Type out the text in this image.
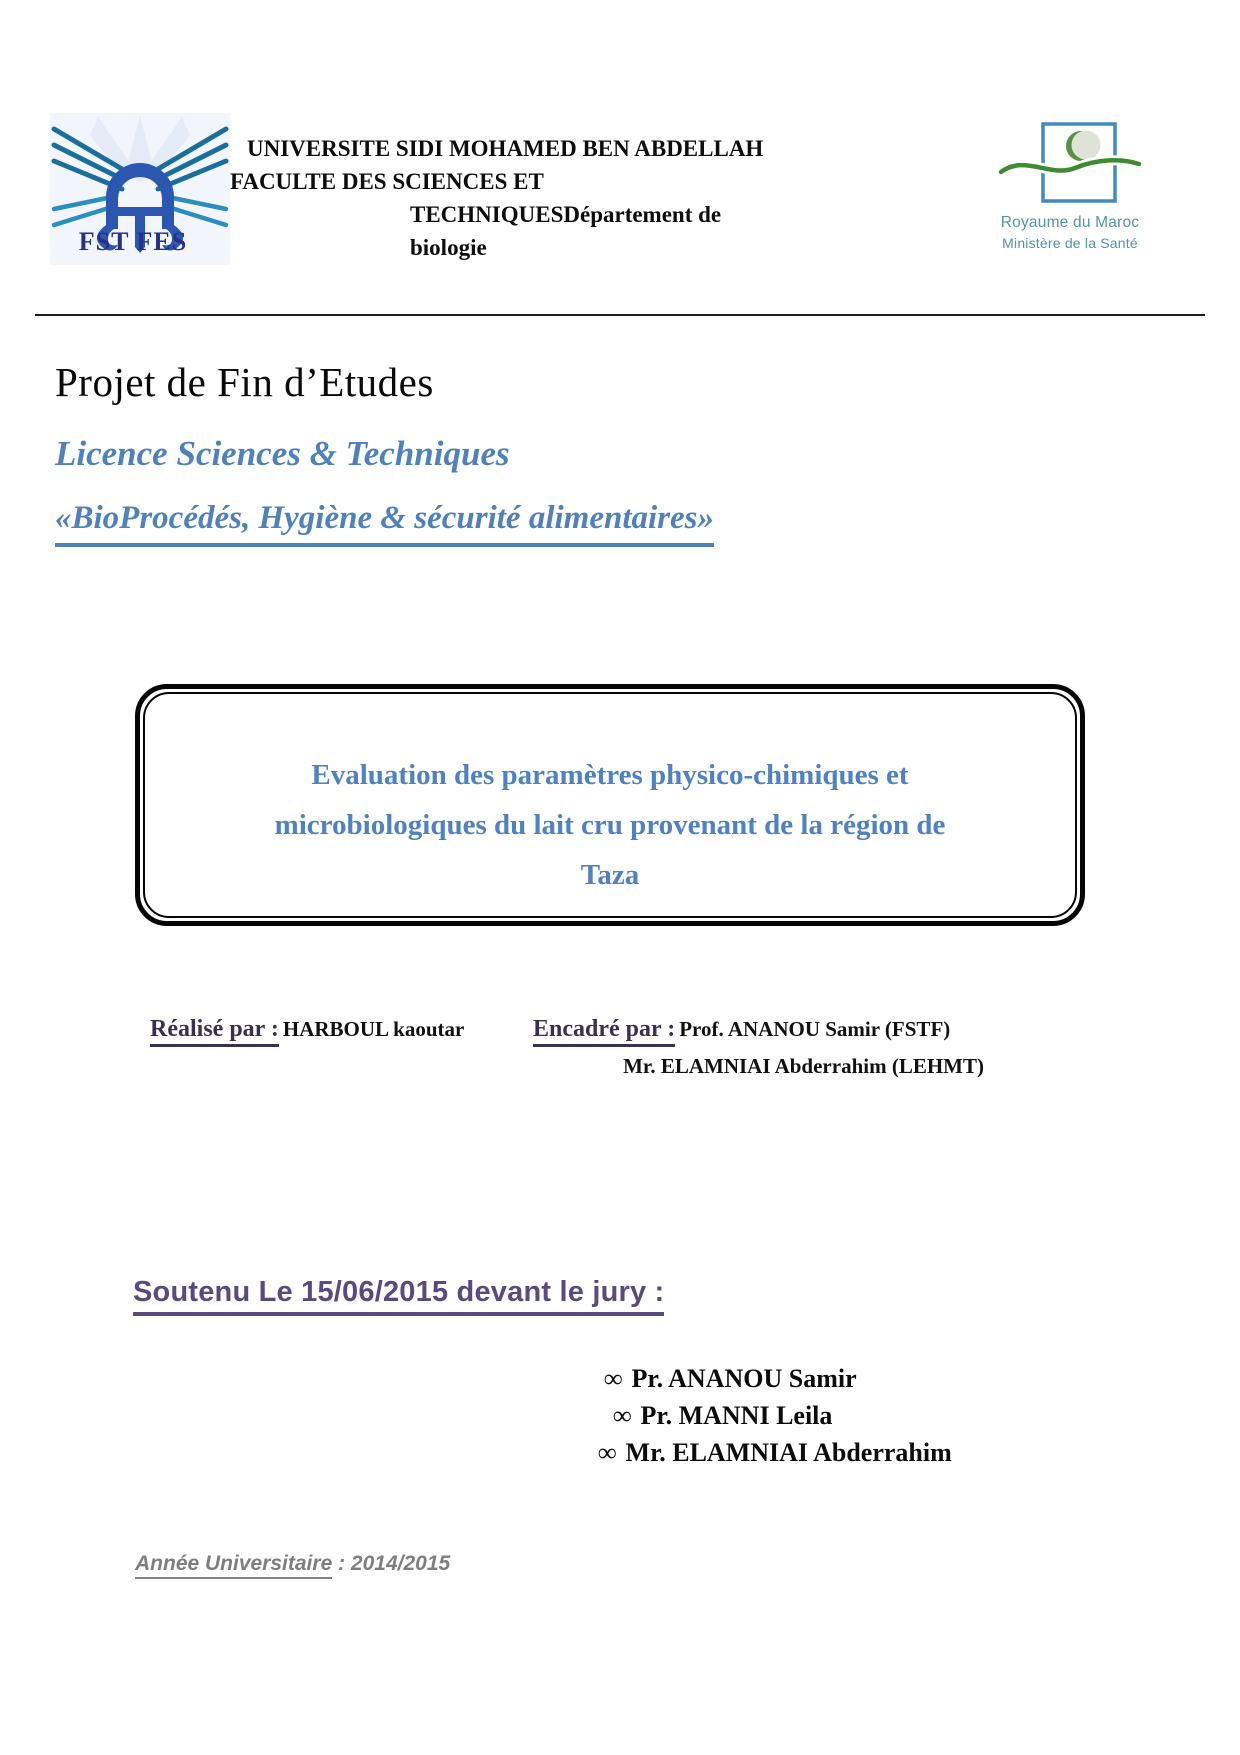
FST FES
UNIVERSITE SIDI MOHAMED BEN ABDELLAH
FACULTE DES SCIENCES ET
TECHNIQUESDépartement de
biologie
Royaume du Maroc
Ministère de la Santé
Projet de Fin d’Etudes
Licence Sciences & Techniques
«BioProcédés, Hygiène & sécurité alimentaires»
Evaluation des paramètres physico-chimiques et
microbiologiques du lait cru provenant de la région de
Taza
Réalisé par : HARBOUL kaoutar	Encadré par : Prof. ANANOU Samir (FSTF)
Mr. ELAMNIAI Abderrahim (LEHMT)
Soutenu Le 15/06/2015 devant le jury :
∞ Pr. ANANOU Samir
∞ Pr. MANNI Leila
∞ Mr. ELAMNIAI Abderrahim
Année Universitaire : 2014/2015
